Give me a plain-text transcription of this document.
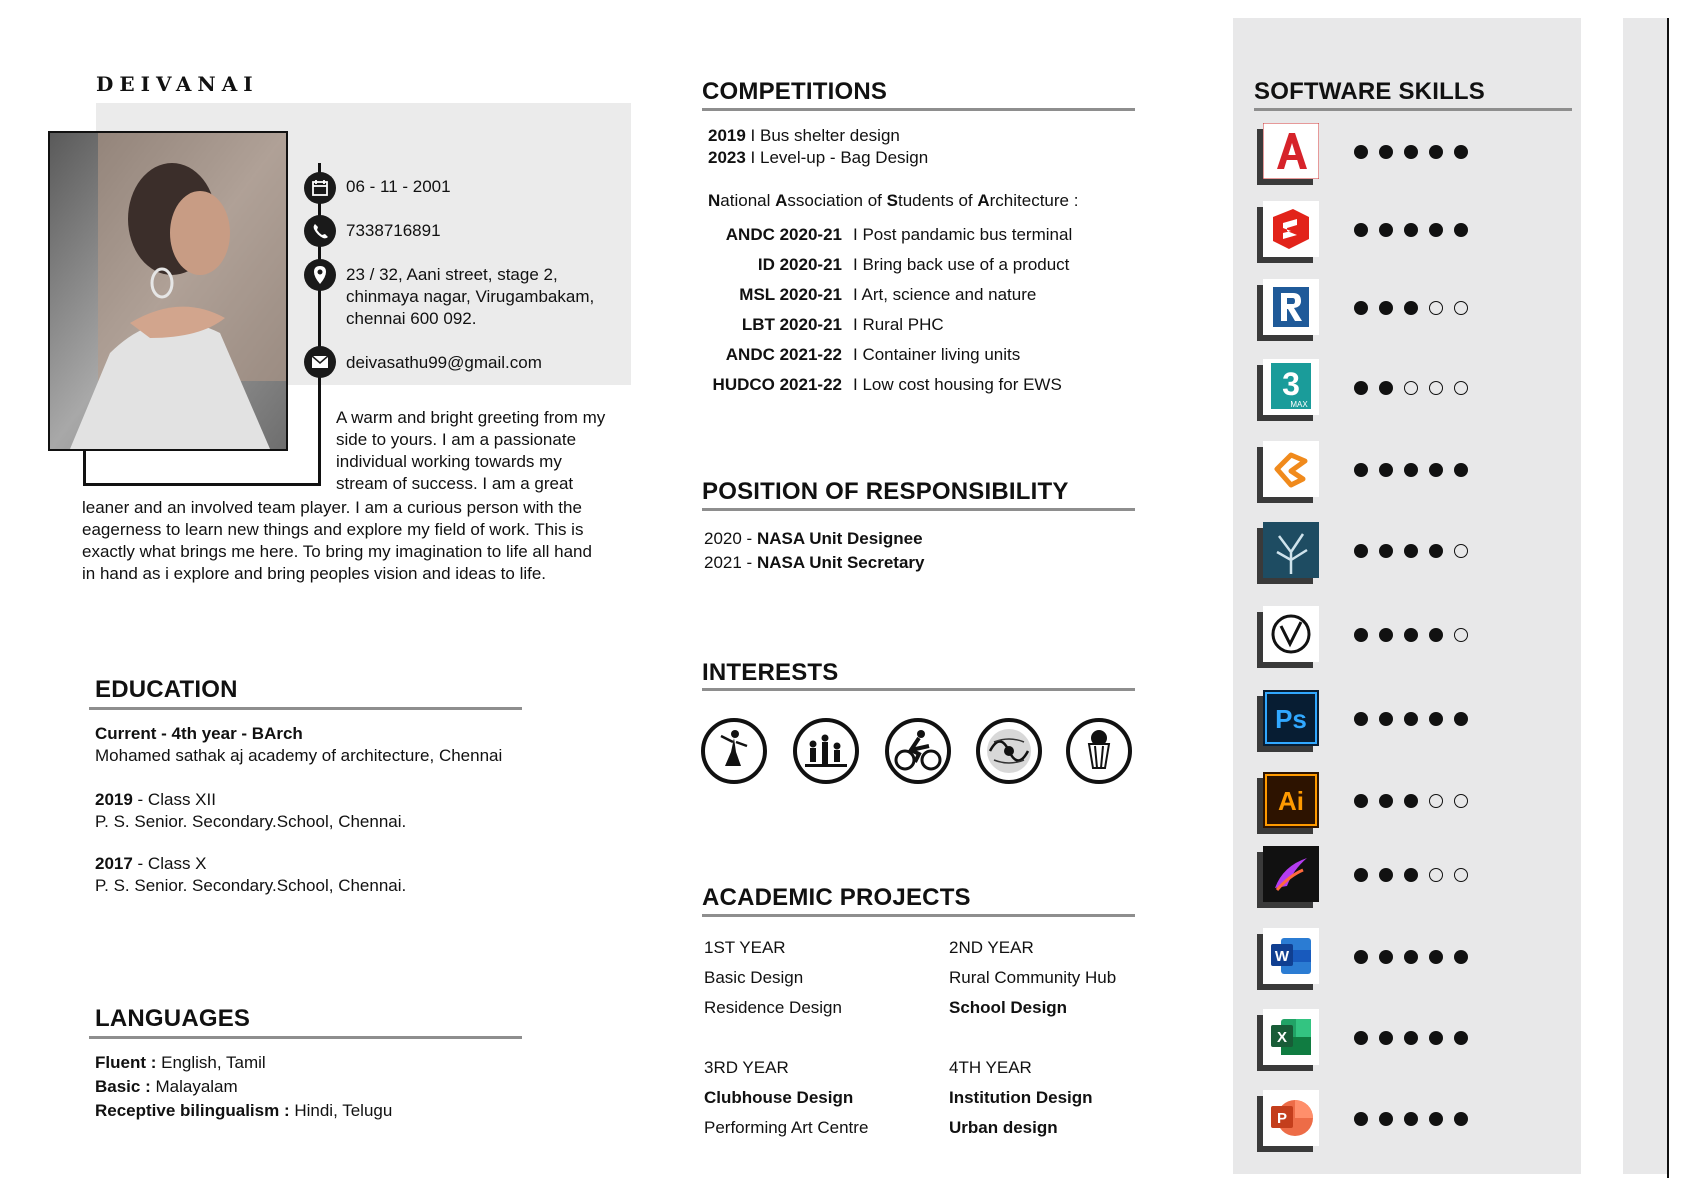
DEIVANAI
06 - 11 - 2001
7338716891
23 / 32, Aani street, stage 2,
chinmaya nagar, Virugambakam,
chennai 600 092.
deivasathu99@gmail.com
A warm and bright greeting from my
side to yours. I am a passionate
individual working towards my
stream of success. I am a great
leaner and an involved team player. I am a curious person with the
eagerness to learn new things and explore my field of work. This is
exactly what brings me here. To bring my imagination to life all hand
in hand as i explore and bring peoples vision and ideas to life.
EDUCATION
Current - 4th year - BArch
Mohamed sathak aj academy of architecture, Chennai
2019 - Class XII
P. S. Senior. Secondary.School, Chennai.
2017 - Class X
P. S. Senior. Secondary.School, Chennai.
LANGUAGES
Fluent : English, Tamil
Basic : Malayalam
Receptive bilingualism : Hindi, Telugu
COMPETITIONS
2019 I Bus shelter design
2023 I Level-up - Bag Design
National Association of Students of Architecture :
ANDC 2020-21 I Post pandamic bus terminal
ID 2020-21 I Bring back use of a product
MSL 2020-21 I Art, science and nature
LBT 2020-21 I Rural PHC
ANDC 2021-22 I Container living units
HUDCO 2021-22 I Low cost housing for EWS
POSITION OF RESPONSIBILITY
2020 - NASA Unit Designee
2021 - NASA Unit Secretary
INTERESTS
ACADEMIC PROJECTS
1ST YEAR
Basic Design
Residence Design
2ND YEAR
Rural Community Hub
School Design
3RD YEAR
Clubhouse Design
Performing Art Centre
4TH YEAR
Institution Design
Urban design
SOFTWARE SKILLS
3
MAX
Ps
Ai
W
X
P
